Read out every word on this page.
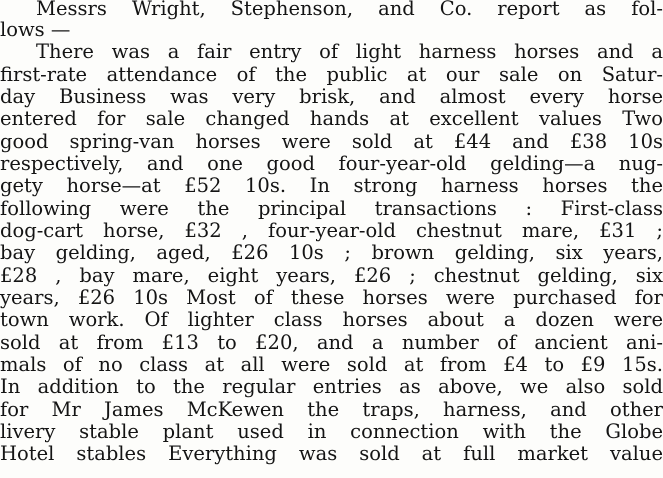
Messrs Wright, Stephenson, and Co. report as fol-

lows —

There was a fair entry of light harness horses and a

first-rate attendance of the public at our sale on Satur-

day Business was very brisk, and almost every horse

entered for sale changed hands at excellent values Two

good spring-van horses were sold at £44 and £38 10s

respectively, and one good four-year-old gelding—a nug-

gety horse—at £52 10s. In strong harness horses the

following were the principal transactions : First-class

dog-cart horse, £32 , four-year-old chestnut mare, £31 ;

bay gelding, aged, £26 10s ; brown gelding, six years,

£28 , bay mare, eight years, £26 ; chestnut gelding, six

years, £26 10s Most of these horses were purchased for

town work. Of lighter class horses about a dozen were

sold at from £13 to £20, and a number of ancient ani-

mals of no class at all were sold at from £4 to £9 15s.

In addition to the regular entries as above, we also sold

for Mr James McKewen the traps, harness, and other

livery stable plant used in connection with the Globe

Hotel stables Everything was sold at full market value
